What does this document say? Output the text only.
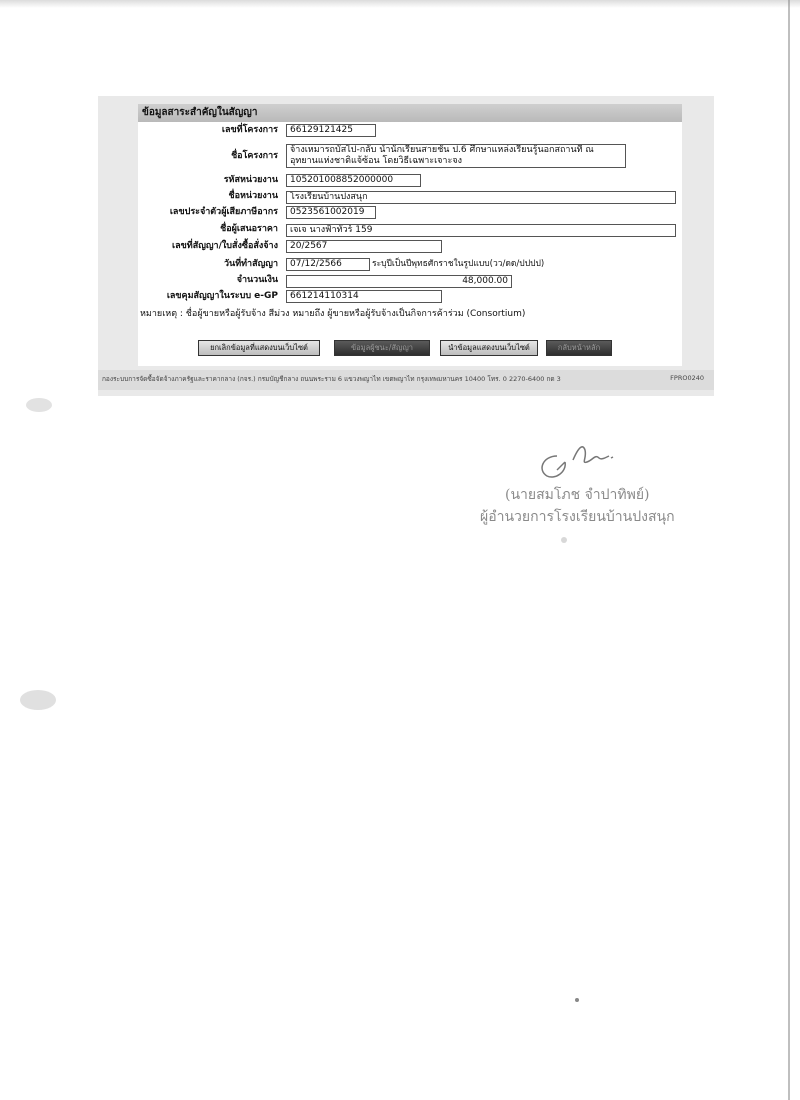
ข้อมูลสาระสำคัญในสัญญา
เลขที่โครงการ	66129121425
ชื่อโครงการ
จ้างเหมารถบัสไป-กลับ นำนักเรียนสายชั้น ป.6 ศึกษาแหล่งเรียนรู้นอกสถานที่ ณ อุทยานแห่งชาติแจ้ซ้อน โดยวิธีเฉพาะเจาะจง
รหัสหน่วยงาน	105201008852000000
ชื่อหน่วยงาน	โรงเรียนบ้านปงสนุก
เลขประจำตัวผู้เสียภาษีอากร	0523561002019
ชื่อผู้เสนอราคา	เจเจ นางฟ้าทัวร์ 159
เลขที่สัญญา/ใบสั่งซื้อสั่งจ้าง	20/2567
วันที่ทำสัญญา	07/12/2566	ระบุปีเป็นปีพุทธศักราชในรูปแบบ(วว/ดด/ปปปป)
จำนวนเงิน	48,000.00
เลขคุมสัญญาในระบบ e-GP	661214110314
หมายเหตุ : ชื่อผู้ขายหรือผู้รับจ้าง สีม่วง หมายถึง ผู้ขายหรือผู้รับจ้างเป็นกิจการค้าร่วม (Consortium)
ยกเลิกข้อมูลที่แสดงบนเว็บไซต์	ข้อมูลผู้ชนะ/สัญญา	นำข้อมูลแสดงบนเว็บไซต์	กลับหน้าหลัก
กองระบบการจัดซื้อจัดจ้างภาครัฐและราคากลาง (กจร.) กรมบัญชีกลาง ถนนพระราม 6 แขวงพญาไท เขตพญาไท กรุงเทพมหานคร 10400 โทร. 0 2270-6400 กด 3	FPRO0240
(นายสมโภช จำปาทิพย์)
ผู้อำนวยการโรงเรียนบ้านปงสนุก
